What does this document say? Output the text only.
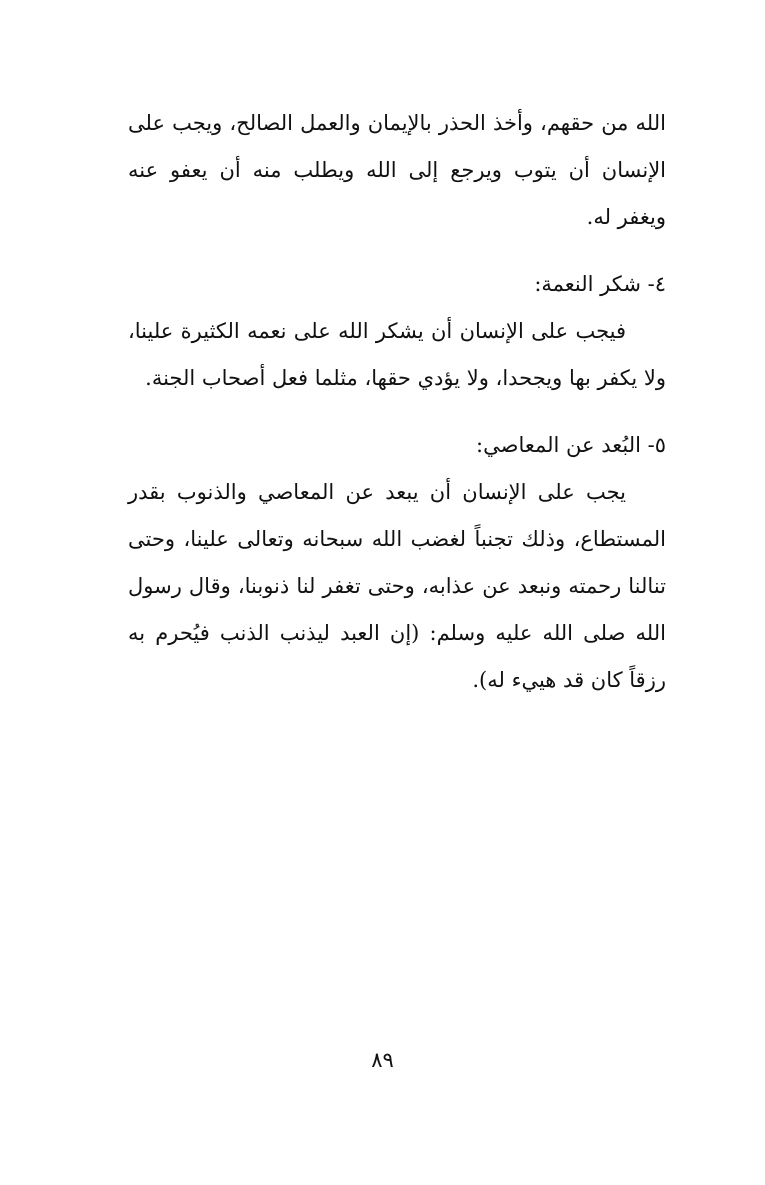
الله من حقهم، وأخذ الحذر بالإيمان والعمل الصالح، ويجب على الإنسان أن يتوب ويرجع إلى الله ويطلب منه أن يعفو عنه ويغفر له.

٤- شكر النعمة:

فيجب على الإنسان أن يشكر الله على نعمه الكثيرة علينا، ولا يكفر بها ويجحدا، ولا يؤدي حقها، مثلما فعل أصحاب الجنة.

٥- البُعد عن المعاصي:

يجب على الإنسان أن يبعد عن المعاصي والذنوب بقدر المستطاع، وذلك تجنباً لغضب الله سبحانه وتعالى علينا، وحتى تنالنا رحمته ونبعد عن عذابه، وحتى تغفر لنا ذنوبنا، وقال رسول الله صلى الله عليه وسلم: (إن العبد ليذنب الذنب فيُحرم به رزقاً كان قد هييء له).

٨٩
